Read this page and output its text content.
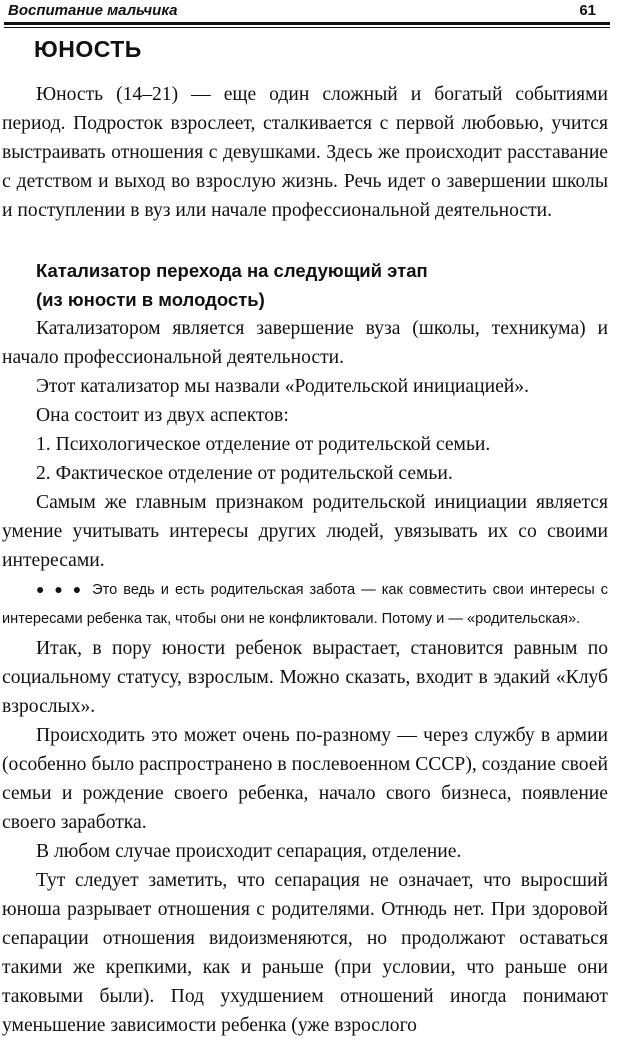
Воспитание мальчика	61
ЮНОСТЬ

Юность (14–21) — еще один сложный и богатый событиями период. Подросток взрослеет, сталкивается с первой любовью, учится выстраивать отношения с девушками. Здесь же происходит расставание с детством и выход во взрослую жизнь. Речь идет о завершении школы и поступлении в вуз или начале профессиональной деятельности.

Катализатор перехода на следующий этап
(из юности в молодость)

Катализатором является завершение вуза (школы, техникума) и начало профессиональной деятельности.

Этот катализатор мы назвали «Родительской инициацией».

Она состоит из двух аспектов:

1. Психологическое отделение от родительской семьи.

2. Фактическое отделение от родительской семьи.

Самым же главным признаком родительской инициации является умение учитывать интересы других людей, увязывать их со своими интересами.

● ● ● Это ведь и есть родительская забота — как совместить свои интересы с интересами ребенка так, чтобы они не конфликтовали. Потому и — «родительская».

Итак, в пору юности ребенок вырастает, становится равным по социальному статусу, взрослым. Можно сказать, входит в эдакий «Клуб взрослых».

Происходить это может очень по-разному — через службу в армии (особенно было распространено в послевоенном СССР), создание своей семьи и рождение своего ребенка, начало свого бизнеса, появление своего заработка.

В любом случае происходит сепарация, отделение.

Тут следует заметить, что сепарация не означает, что выросший юноша разрывает отношения с родителями. Отнюдь нет. При здоровой сепарации отношения видоизменяются, но продолжают оставаться такими же крепкими, как и раньше (при условии, что раньше они таковыми были). Под ухудшением отношений иногда понимают уменьшение зависимости ребенка (уже взрослого
